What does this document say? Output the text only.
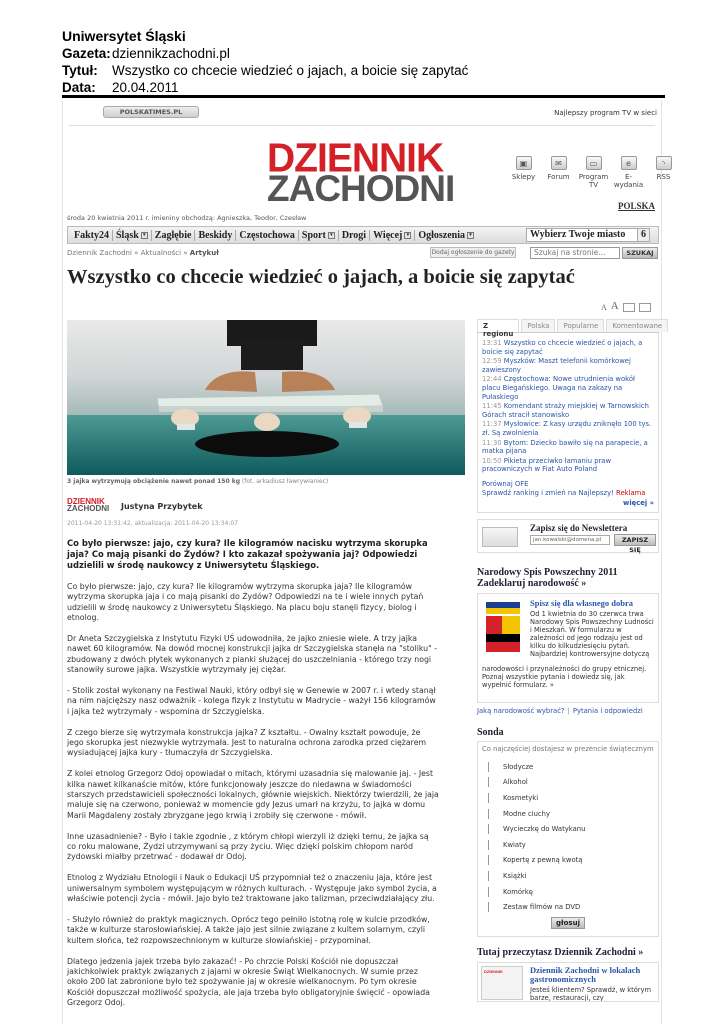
Uniwersytet Śląski
Gazeta: dziennikzachodni.pl
Tytuł:	Wszystko co chcecie wiedzieć o jajach, a boicie się zapytać
Data:	20.04.2011
POLSKATIMES.PL	Najlepszy program TV w sieci
DZIENNIK
ZACHODNI
▣
Sklepy
✉
Forum
▭
Program TV
e
E-wydania
◝
RSS
POLSKA
środa 20 kwietnia 2011 r. imieniny obchodzą: Agnieszka, Teodor, Czesław
Fakty24 Śląsk ▾ Zagłębie Beskidy Częstochowa Sport ▾ Drogi Więcej ▾ Ogłoszenia ▾	Wybierz Twoje miasto	6
Dziennik Zachodni » Aktualności » Artykuł	Dodaj ogłoszenie do gazety	Szukaj na stronie...	SZUKAJ
Wszystko co chcecie wiedzieć o jajach, a boicie się zapytać
A A
3 jajka wytrzymują obciążenie nawet ponad 150 kg (fot. arkadiusz ławrywianiec)
DZIENNIK
ZACHODNI Justyna Przybytek
2011-04-20 13:31:42, aktualizacja: 2011-04-20 13:34:07

Co było pierwsze: jajo, czy kura? Ile kilogramów nacisku wytrzyma skorupka jaja? Co mają pisanki do Żydów? I kto zakazał spożywania jaj? Odpowiedzi udzielili w środę naukowcy z Uniwersytetu Śląskiego.

Co było pierwsze: jajo, czy kura? Ile kilogramów wytrzyma skorupka jaja? Ile kilogramów wytrzyma skorupka jaja i co mają pisanki do Żydów? Odpowiedzi na te i wiele innych pytań udzielili w środę naukowcy z Uniwersytetu Śląskiego. Na placu boju stanęli fizycy, biolog i etnolog.

Dr Aneta Szczygielska z Instytutu Fizyki UŚ udowodniła, że jajko zniesie wiele. A trzy jajka nawet 60 kilogramów. Na dowód mocnej konstrukcji jajka dr Szczygielska stanęła na "stoliku" - zbudowany z dwóch płytek wykonanych z pianki służącej do uszczelniania - którego trzy nogi stanowiły surowe jajka. Wszystkie wytrzymały jej ciężar.

- Stolik został wykonany na Festiwal Nauki, który odbył się w Genewie w 2007 r. i wtedy stanął na nim najcięższy nasz odważnik - kolega fizyk z Instytutu w Madrycie - ważył 156 kilogramów i jajka też wytrzymały - wspomina dr Szczygielska.

Z czego bierze się wytrzymała konstrukcja jajka? Z kształtu. - Owalny kształt powoduje, że jego skorupka jest niezwykle wytrzymała. Jest to naturalna ochrona zarodka przed ciężarem wysiadującej jajka kury - tłumaczyła dr Szczygielska.

Z kolei etnolog Grzegorz Odoj opowiadał o mitach, którymi uzasadnia się malowanie jaj. - Jest kilka nawet kilkanaście mitów, które funkcjonowały jeszcze do niedawna w świadomości starszych przedstawicieli społeczności lokalnych, głównie wiejskich. Niektórzy twierdzili, że jaja maluje się na czerwono, ponieważ w momencie gdy Jezus umarł na krzyżu, to jajka w domu Marii Magdaleny zostały zbryzgane jego krwią i zrobiły się czerwone - mówił.

Inne uzasadnienie? - Było i takie zgodnie , z którym chłopi wierzyli iż dzięki temu, że jajka są co roku malowane, Żydzi utrzymywani są przy życiu. Więc dzięki polskim chłopom naród żydowski miałby przetrwać - dodawał dr Odoj.

Etnolog z Wydziału Etnologii i Nauk o Edukacji UŚ przypomniał też o znaczeniu jaja, które jest uniwersalnym symbolem występującym w różnych kulturach. - Występuje jako symbol życia, a właściwie potencji życia - mówił. Jajo było też traktowane jako talizman, przeciwdziałający złu.

- Służyło również do praktyk magicznych. Oprócz tego pełniło istotną rolę w kulcie przodków, także w kulturze starosłowiańskiej. A także jajo jest silnie związane z kultem solarnym, czyli kultem słońca, też rozpowszechnionym w kulturze słowiańskiej - przypominał.

Dlatego jedzenia jajek trzeba było zakazać! - Po chrzcie Polski Kościół nie dopuszczał jakichkolwiek praktyk związanych z jajami w okresie Świąt Wielkanocnych. W sumie przez około 200 lat zabronione było też spożywanie jaj w okresie wielkanocnym. Po tym okresie Kościół dopuszczał możliwość spożycia, ale jaja trzeba było obligatoryjnie święcić - opowiada Grzegorz Odoj.

Z regionu
Polska	Popularne	Komentowane
13:31 Wszystko co chcecie wiedzieć o jajach, a boicie się zapytać
12:59 Myszków: Maszt telefonii komórkowej zawieszony
12:44 Częstochowa: Nowe utrudnienia wokół placu Biegańskiego. Uwaga na zakazy na Pułaskiego
11:45 Komendant straży miejskiej w Tarnowskich Górach stracił stanowisko
11:37 Mysłowice: Z kasy urzędu zniknęło 100 tys. zł. Są zwolnienia
11:30 Bytom: Dziecko bawiło się na parapecie, a matka pijana
10:50 Pikieta przeciwko łamaniu praw pracowniczych w Fiat Auto Poland
Porównaj OFE
Sprawdź ranking i zmień na Najlepszy! Reklama
więcej »
Zapisz się do Newslettera
jan.kowalski@domena.pl	ZAPISZ SIĘ
Narodowy Spis Powszechny 2011 Zadeklaruj narodowość »
Spisz się dla własnego dobra
Od 1 kwietnia do 30 czerwca trwa Narodowy Spis Powszechny Ludności i Mieszkań. W formularzu w zależności od jego rodzaju jest od kilku do kilkudziesięciu pytań. Najbardziej kontrowersyjne dotyczą
narodowości i przynależności do grupy etnicznej. Poznaj wszystkie pytania i dowiedz się, jak wypełnić formularz. »
Jaką narodowość wybrać? | Pytania i odpowiedzi
Sonda
Co najczęściej dostajesz w prezencie świątecznym
Słodycze
Alkohol
Kosmetyki
Modne ciuchy
Wycieczkę do Watykanu
Kwiaty
Kopertę z pewną kwotą
Książki
Komórkę
Zestaw filmów na DVD
głosuj
Tutaj przeczytasz Dziennik Zachodni »
DZIENNIK	Dziennik Zachodni w lokalach gastronomicznych
Jesteś klientem? Sprawdź, w którym barze, restauracji, czy
